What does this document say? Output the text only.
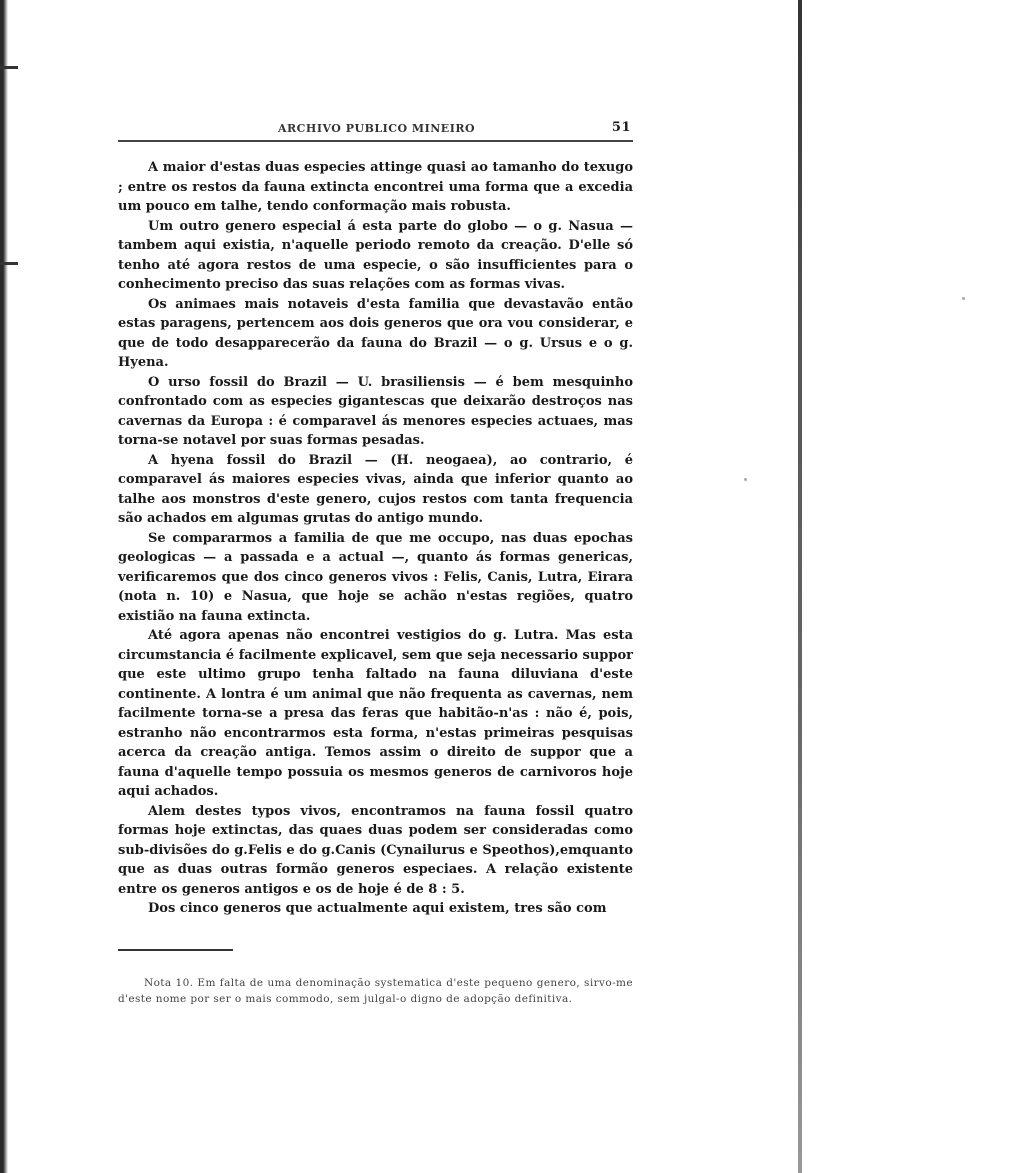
ARCHIVO PUBLICO MINEIRO	51

A maior d'estas duas especies attinge quasi ao tamanho do texugo ; entre os restos da fauna extincta encontrei uma forma que a excedia um pouco em talhe, tendo conformação mais robusta.

Um outro genero especial á esta parte do globo — o g. Nasua — tambem aqui existia, n'aquelle periodo remoto da creação. D'elle só tenho até agora restos de uma especie, o são insufficientes para o conhecimento preciso das suas relações com as formas vivas.

Os animaes mais notaveis d'esta familia que devastavão então estas paragens, pertencem aos dois generos que ora vou considerar, e que de todo desapparecerão da fauna do Brazil — o g. Ursus e o g. Hyena.

O urso fossil do Brazil — U. brasiliensis — é bem mesquinho confrontado com as especies gigantescas que deixarão destroços nas cavernas da Europa : é comparavel ás menores especies actuaes, mas torna-se notavel por suas formas pesadas.

A hyena fossil do Brazil — (H. neogaea), ao contrario, é comparavel ás maiores especies vivas, ainda que inferior quanto ao talhe aos monstros d'este genero, cujos restos com tanta frequencia são achados em algumas grutas do antigo mundo.

Se compararmos a familia de que me occupo, nas duas epochas geologicas — a passada e a actual —, quanto ás formas genericas, verificaremos que dos cinco generos vivos : Felis, Canis, Lutra, Eirara (nota n. 10) e Nasua, que hoje se achão n'estas regiões, quatro existião na fauna extincta.

Até agora apenas não encontrei vestigios do g. Lutra. Mas esta circumstancia é facilmente explicavel, sem que seja necessario suppor que este ultimo grupo tenha faltado na fauna diluviana d'este continente. A lontra é um animal que não frequenta as cavernas, nem facilmente torna-se a presa das feras que habitão-n'as : não é, pois, estranho não encontrarmos esta forma, n'estas primeiras pesquisas acerca da creação antiga. Temos assim o direito de suppor que a fauna d'aquelle tempo possuia os mesmos generos de carnivoros hoje aqui achados.

Alem destes typos vivos, encontramos na fauna fossil quatro formas hoje extinctas, das quaes duas podem ser consideradas como sub-divisões do g.Felis e do g.Canis (Cynailurus e Speothos),emquanto que as duas outras formão generos especiaes. A relação existente entre os generos antigos e os de hoje é de 8 : 5.

Dos cinco generos que actualmente aqui existem, tres são com

Nota 10. Em falta de uma denominação systematica d'este pequeno genero, sirvo-me d'este nome por ser o mais commodo, sem julgal-o digno de adopção definitiva.
